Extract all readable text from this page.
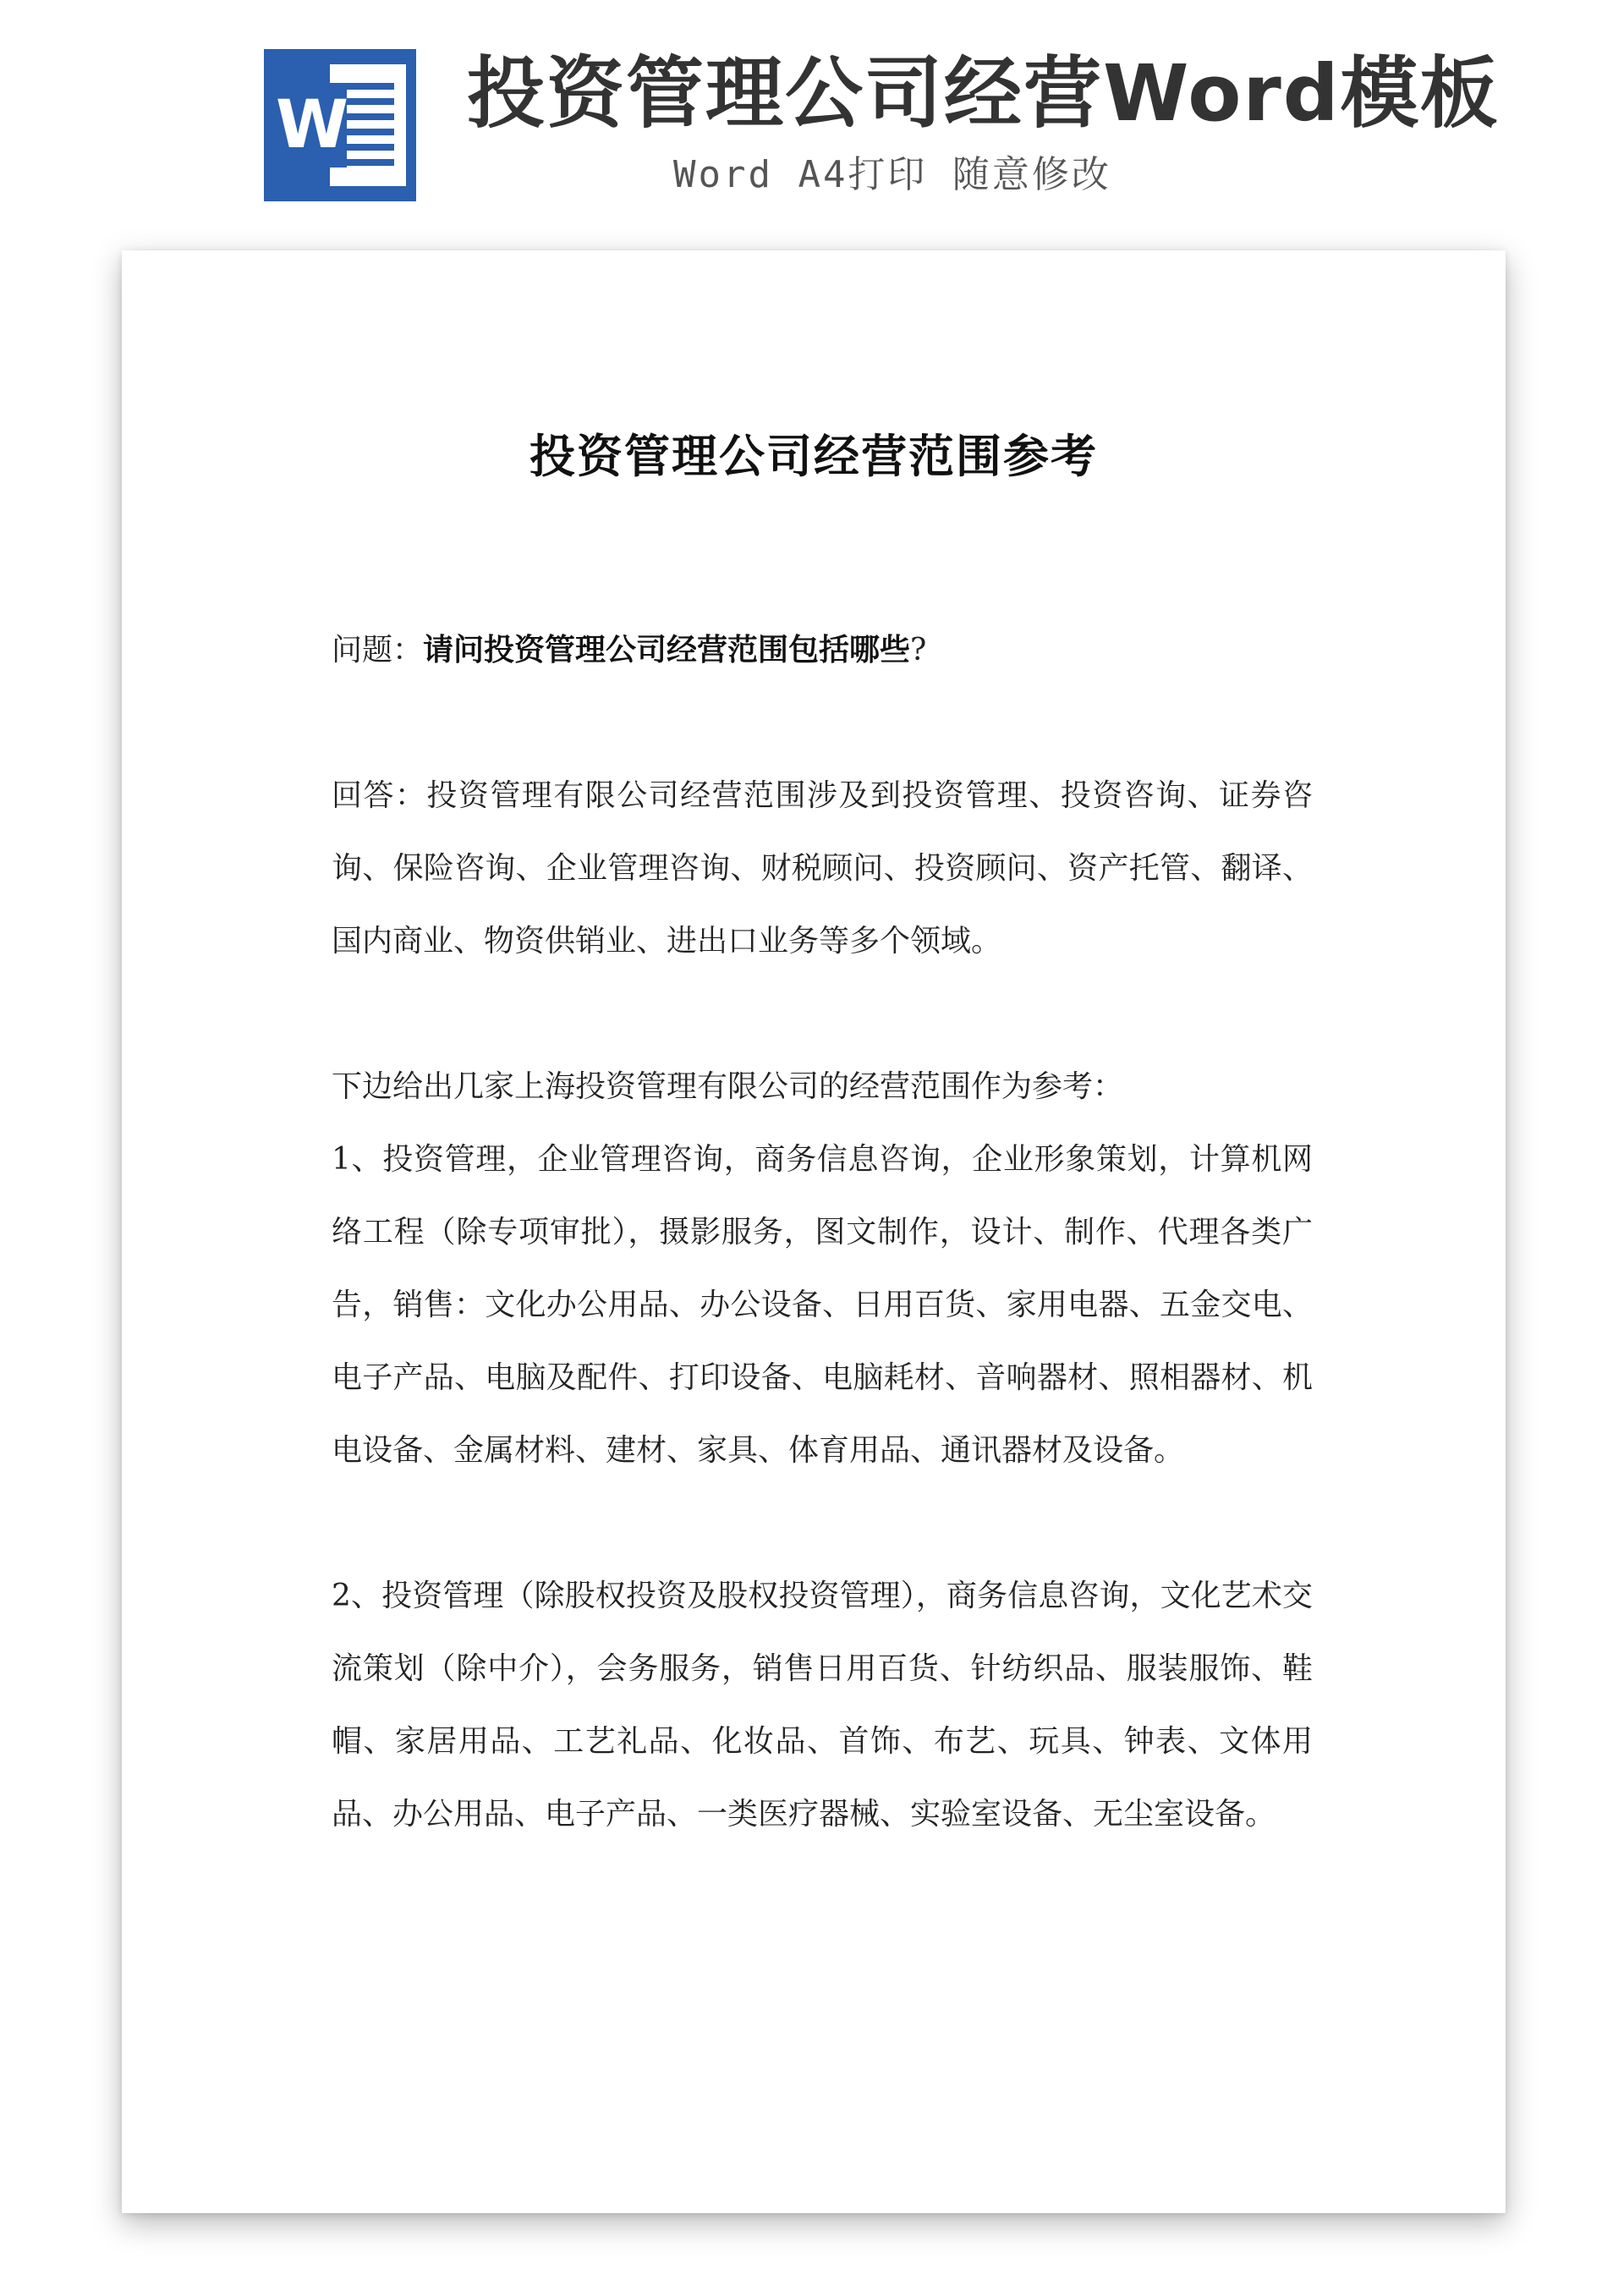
W 投资管理公司经营Word模板
Word A4打印 随意修改
投资管理公司经营范围参考

问题：请问投资管理公司经营范围包括哪些?

回答：投资管理有限公司经营范围涉及到投资管理、投资咨询、证券咨询、保险咨询、企业管理咨询、财税顾问、投资顾问、资产托管、翻译、国内商业、物资供销业、进出口业务等多个领域。

下边给出几家上海投资管理有限公司的经营范围作为参考：

1、投资管理，企业管理咨询，商务信息咨询，企业形象策划，计算机网络工程（除专项审批），摄影服务，图文制作，设计、制作、代理各类广告，销售：文化办公用品、办公设备、日用百货、家用电器、五金交电、电子产品、电脑及配件、打印设备、电脑耗材、音响器材、照相器材、机电设备、金属材料、建材、家具、体育用品、通讯器材及设备。

2、投资管理（除股权投资及股权投资管理），商务信息咨询，文化艺术交流策划（除中介），会务服务，销售日用百货、针纺织品、服装服饰、鞋帽、家居用品、工艺礼品、化妆品、首饰、布艺、玩具、钟表、文体用品、办公用品、电子产品、一类医疗器械、实验室设备、无尘室设备。
